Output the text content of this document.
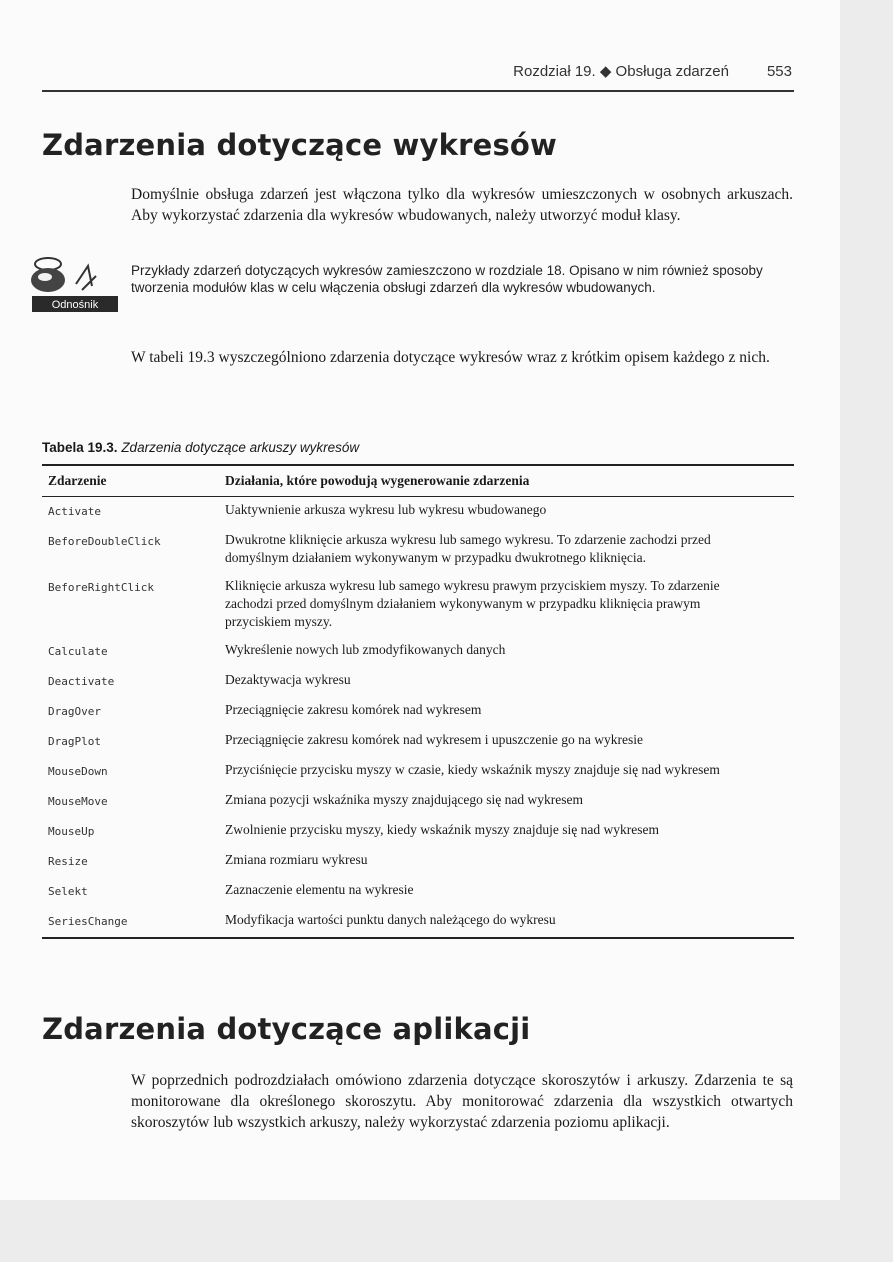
Rozdział 19. ◆ Obsługa zdarzeń	553
Zdarzenia dotyczące wykresów

Domyślnie obsługa zdarzeń jest włączona tylko dla wykresów umieszczonych w osobnych arkuszach. Aby wykorzystać zdarzenia dla wykresów wbudowanych, należy utworzyć moduł klasy.

Odnośnik

Przykłady zdarzeń dotyczących wykresów zamieszczono w rozdziale 18. Opisano w nim również sposoby tworzenia modułów klas w celu włączenia obsługi zdarzeń dla wykresów wbudowanych.

W tabeli 19.3 wyszczególniono zdarzenia dotyczące wykresów wraz z krótkim opisem każdego z nich.

Tabela 19.3. Zdarzenia dotyczące arkuszy wykresów

Zdarzenie	Działania, które powodują wygenerowanie zdarzenia
Activate	Uaktywnienie arkusza wykresu lub wykresu wbudowanego
BeforeDoubleClick	Dwukrotne kliknięcie arkusza wykresu lub samego wykresu. To zdarzenie zachodzi przed domyślnym działaniem wykonywanym w przypadku dwukrotnego kliknięcia.
BeforeRightClick	Kliknięcie arkusza wykresu lub samego wykresu prawym przyciskiem myszy. To zdarzenie zachodzi przed domyślnym działaniem wykonywanym w przypadku kliknięcia prawym przyciskiem myszy.
Calculate	Wykreślenie nowych lub zmodyfikowanych danych
Deactivate	Dezaktywacja wykresu
DragOver	Przeciągnięcie zakresu komórek nad wykresem
DragPlot	Przeciągnięcie zakresu komórek nad wykresem i upuszczenie go na wykresie
MouseDown	Przyciśnięcie przycisku myszy w czasie, kiedy wskaźnik myszy znajduje się nad wykresem
MouseMove	Zmiana pozycji wskaźnika myszy znajdującego się nad wykresem
MouseUp	Zwolnienie przycisku myszy, kiedy wskaźnik myszy znajduje się nad wykresem
Resize	Zmiana rozmiaru wykresu
Selekt	Zaznaczenie elementu na wykresie
SeriesChange	Modyfikacja wartości punktu danych należącego do wykresu
Zdarzenia dotyczące aplikacji

W poprzednich podrozdziałach omówiono zdarzenia dotyczące skoroszytów i arkuszy. Zdarzenia te są monitorowane dla określonego skoroszytu. Aby monitorować zdarzenia dla wszystkich otwartych skoroszytów lub wszystkich arkuszy, należy wykorzystać zdarzenia poziomu aplikacji.
